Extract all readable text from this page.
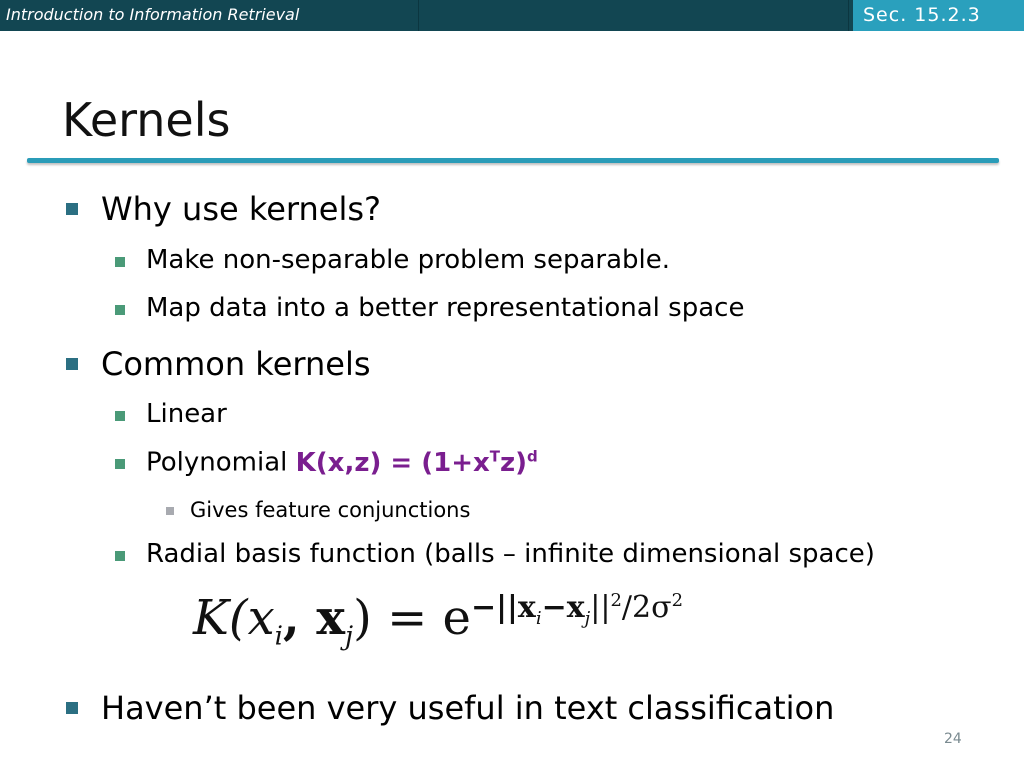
Introduction to Information Retrieval	Sec. 15.2.3
Kernels
Why use kernels?
Make non-separable problem separable.
Map data into a better representational space
Common kernels
Linear
Polynomial $K(x,z) = (1+x^Tz)^d$
Gives feature conjunctions
Radial basis function (balls – infinite dimensional space)
$K(x_i$, $x_j) = e^{-||x_i-x_j||^2/2\sigma^2}$
Haven’t been very useful in text classification
24
